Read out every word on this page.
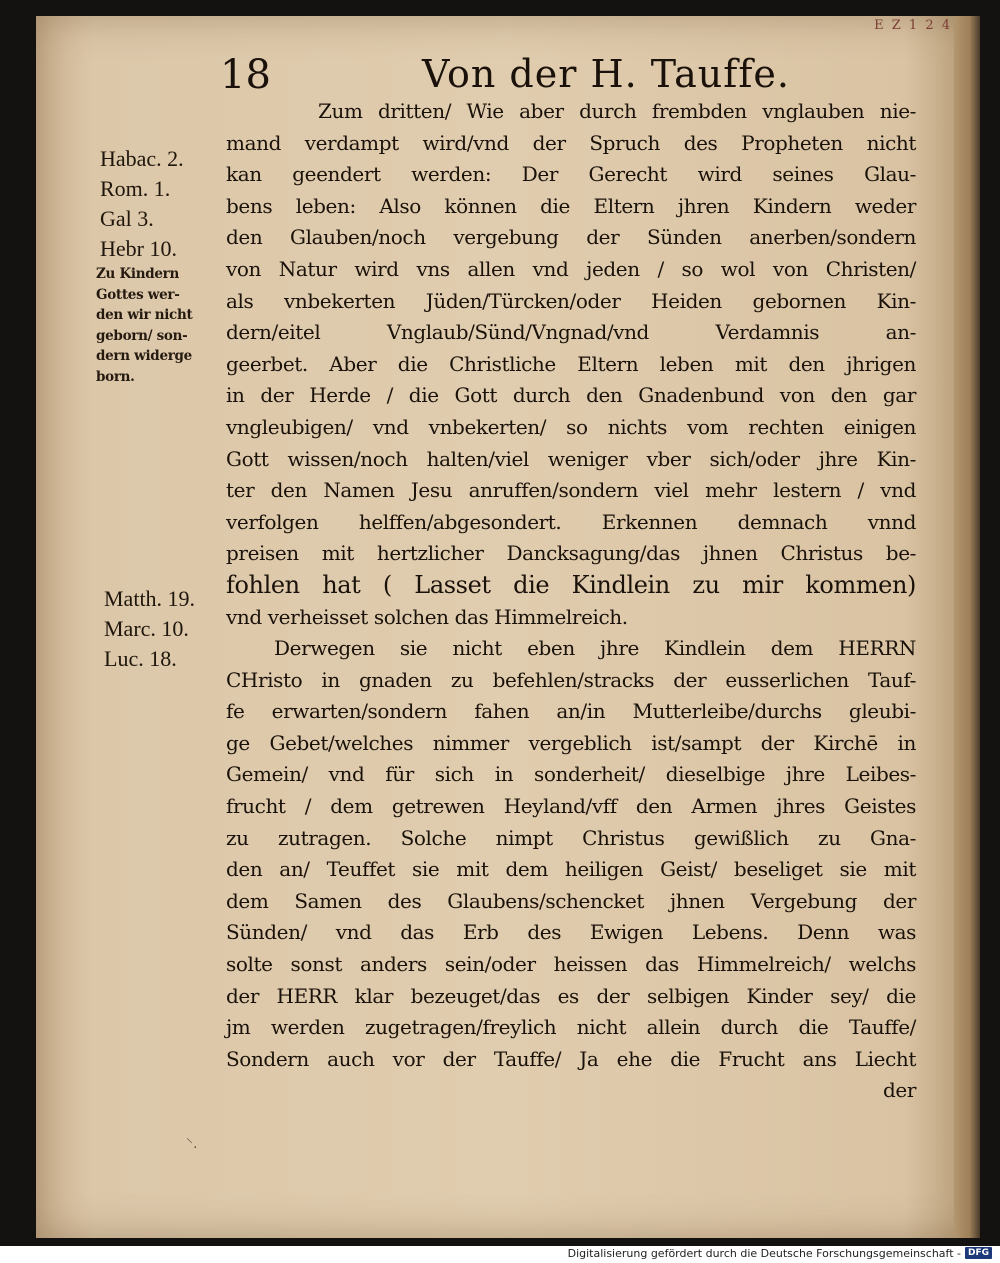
E Z 1 2 4
18	Von der H. Tauffe.
Habac. 2.
Rom. 1.
Gal 3.
Hebr 10.
Zu Kindern
Gottes wer-
den wir nicht
geborn/ son-
dern widerge
born.
Matth. 19.
Marc. 10.
Luc. 18.
Zum dritten/ Wie aber durch frembden vnglauben nie-
mand verdampt wird/vnd der Spruch des Propheten nicht
kan geendert werden: Der Gerecht wird seines Glau-
bens leben: Also können die Eltern jhren Kindern weder
den Glauben/noch vergebung der Sünden anerben/sondern
von Natur wird vns allen vnd jeden / so wol von Christen/
als vnbekerten Jüden/Türcken/oder Heiden gebornen Kin-
dern/eitel Vnglaub/Sünd/Vngnad/vnd Verdamnis an-
geerbet. Aber die Christliche Eltern leben mit den jhrigen
in der Herde / die Gott durch den Gnadenbund von den gar
vngleubigen/ vnd vnbekerten/ so nichts vom rechten einigen
Gott wissen/noch halten/viel weniger vber sich/oder jhre Kin-
ter den Namen Jesu anruffen/sondern viel mehr lestern / vnd
verfolgen helffen/abgesondert. Erkennen demnach vnnd
preisen mit hertzlicher Dancksagung/das jhnen Christus be-
fohlen hat ( Lasset die Kindlein zu mir kommen)
vnd verheisset solchen das Himmelreich.
Derwegen sie nicht eben jhre Kindlein dem HERRN
CHristo in gnaden zu befehlen/stracks der eusserlichen Tauf-
fe erwarten/sondern fahen an/in Mutterleibe/durchs gleubi-
ge Gebet/welches nimmer vergeblich ist/sampt der Kirchē in
Gemein/ vnd für sich in sonderheit/ dieselbige jhre Leibes-
frucht / dem getrewen Heyland/vff den Armen jhres Geistes
zu zutragen. Solche nimpt Christus gewißlich zu Gna-
den an/ Teuffet sie mit dem heiligen Geist/ beseliget sie mit
dem Samen des Glaubens/schencket jhnen Vergebung der
Sünden/ vnd das Erb des Ewigen Lebens. Denn was
solte sonst anders sein/oder heissen das Himmelreich/ welchs
der HERR klar bezeuget/das es der selbigen Kinder sey/ die
jm werden zugetragen/freylich nicht allein durch die Tauffe/
Sondern auch vor der Tauffe/ Ja ehe die Frucht ans Liecht
der
⸌.
Digitalisierung gefördert durch die Deutsche Forschungsgemeinschaft - DFG
